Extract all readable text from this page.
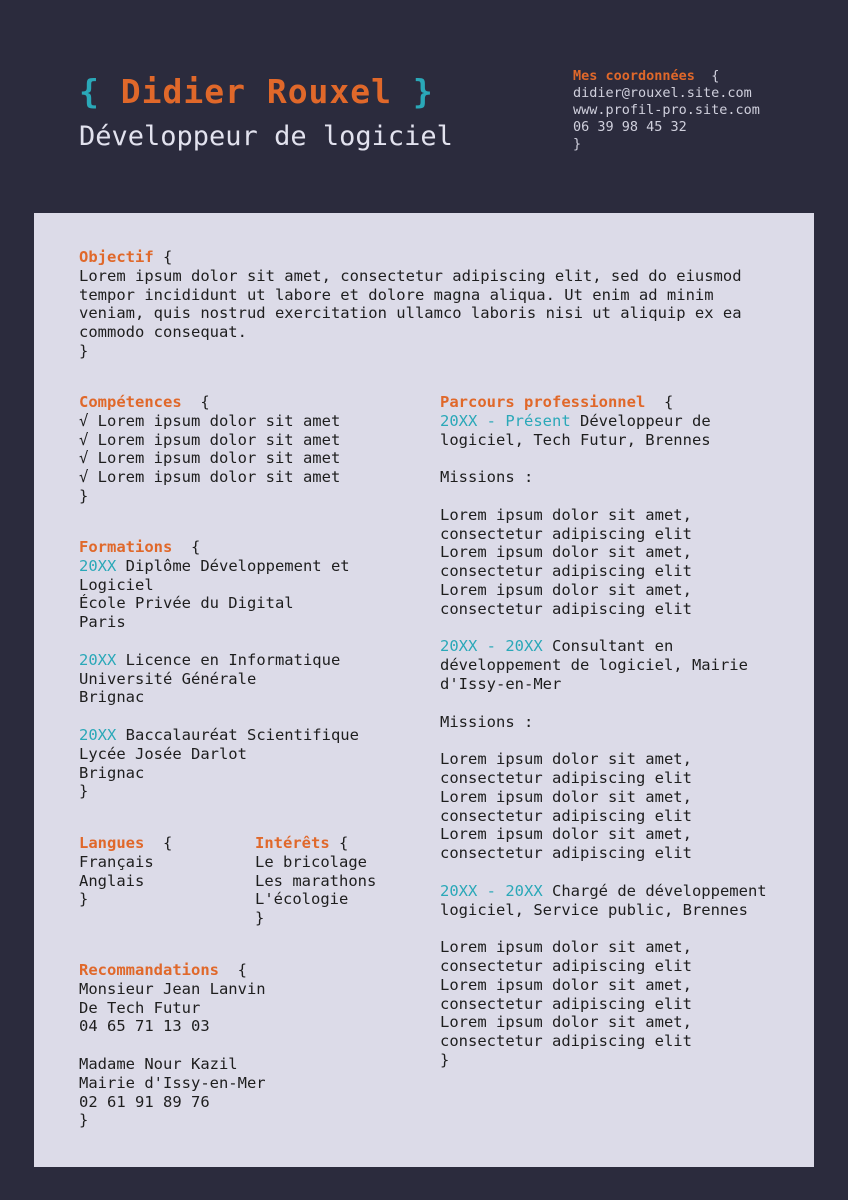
{ Didier Rouxel }
Développeur de logiciel
Mes coordonnées {
didier@rouxel.site.com
www.profil-pro.site.com
06 39 98 45 32
}
Objectif {
Lorem ipsum dolor sit amet, consectetur adipiscing elit, sed do eiusmod
tempor incididunt ut labore et dolore magna aliqua. Ut enim ad minim
veniam, quis nostrud exercitation ullamco laboris nisi ut aliquip ex ea
commodo consequat.
}
Compétences {
√ Lorem ipsum dolor sit amet
√ Lorem ipsum dolor sit amet
√ Lorem ipsum dolor sit amet
√ Lorem ipsum dolor sit amet
}
Formations {
20XX Diplôme Développement et
Logiciel
École Privée du Digital
Paris
20XX Licence en Informatique
Université Générale
Brignac
20XX Baccalauréat Scientifique
Lycée Josée Darlot
Brignac
}
Langues {
Français
Anglais
}
Intérêts {
Le bricolage
Les marathons
L'écologie
}
Recommandations {
Monsieur Jean Lanvin
De Tech Futur
04 65 71 13 03
Madame Nour Kazil
Mairie d'Issy-en-Mer
02 61 91 89 76
}
Parcours professionnel {
20XX - Présent Développeur de
logiciel, Tech Futur, Brennes
Missions :
Lorem ipsum dolor sit amet,
consectetur adipiscing elit
Lorem ipsum dolor sit amet,
consectetur adipiscing elit
Lorem ipsum dolor sit amet,
consectetur adipiscing elit
20XX - 20XX Consultant en
développement de logiciel, Mairie
d'Issy-en-Mer
Missions :
Lorem ipsum dolor sit amet,
consectetur adipiscing elit
Lorem ipsum dolor sit amet,
consectetur adipiscing elit
Lorem ipsum dolor sit amet,
consectetur adipiscing elit
20XX - 20XX Chargé de développement
logiciel, Service public, Brennes
Lorem ipsum dolor sit amet,
consectetur adipiscing elit
Lorem ipsum dolor sit amet,
consectetur adipiscing elit
Lorem ipsum dolor sit amet,
consectetur adipiscing elit
}
